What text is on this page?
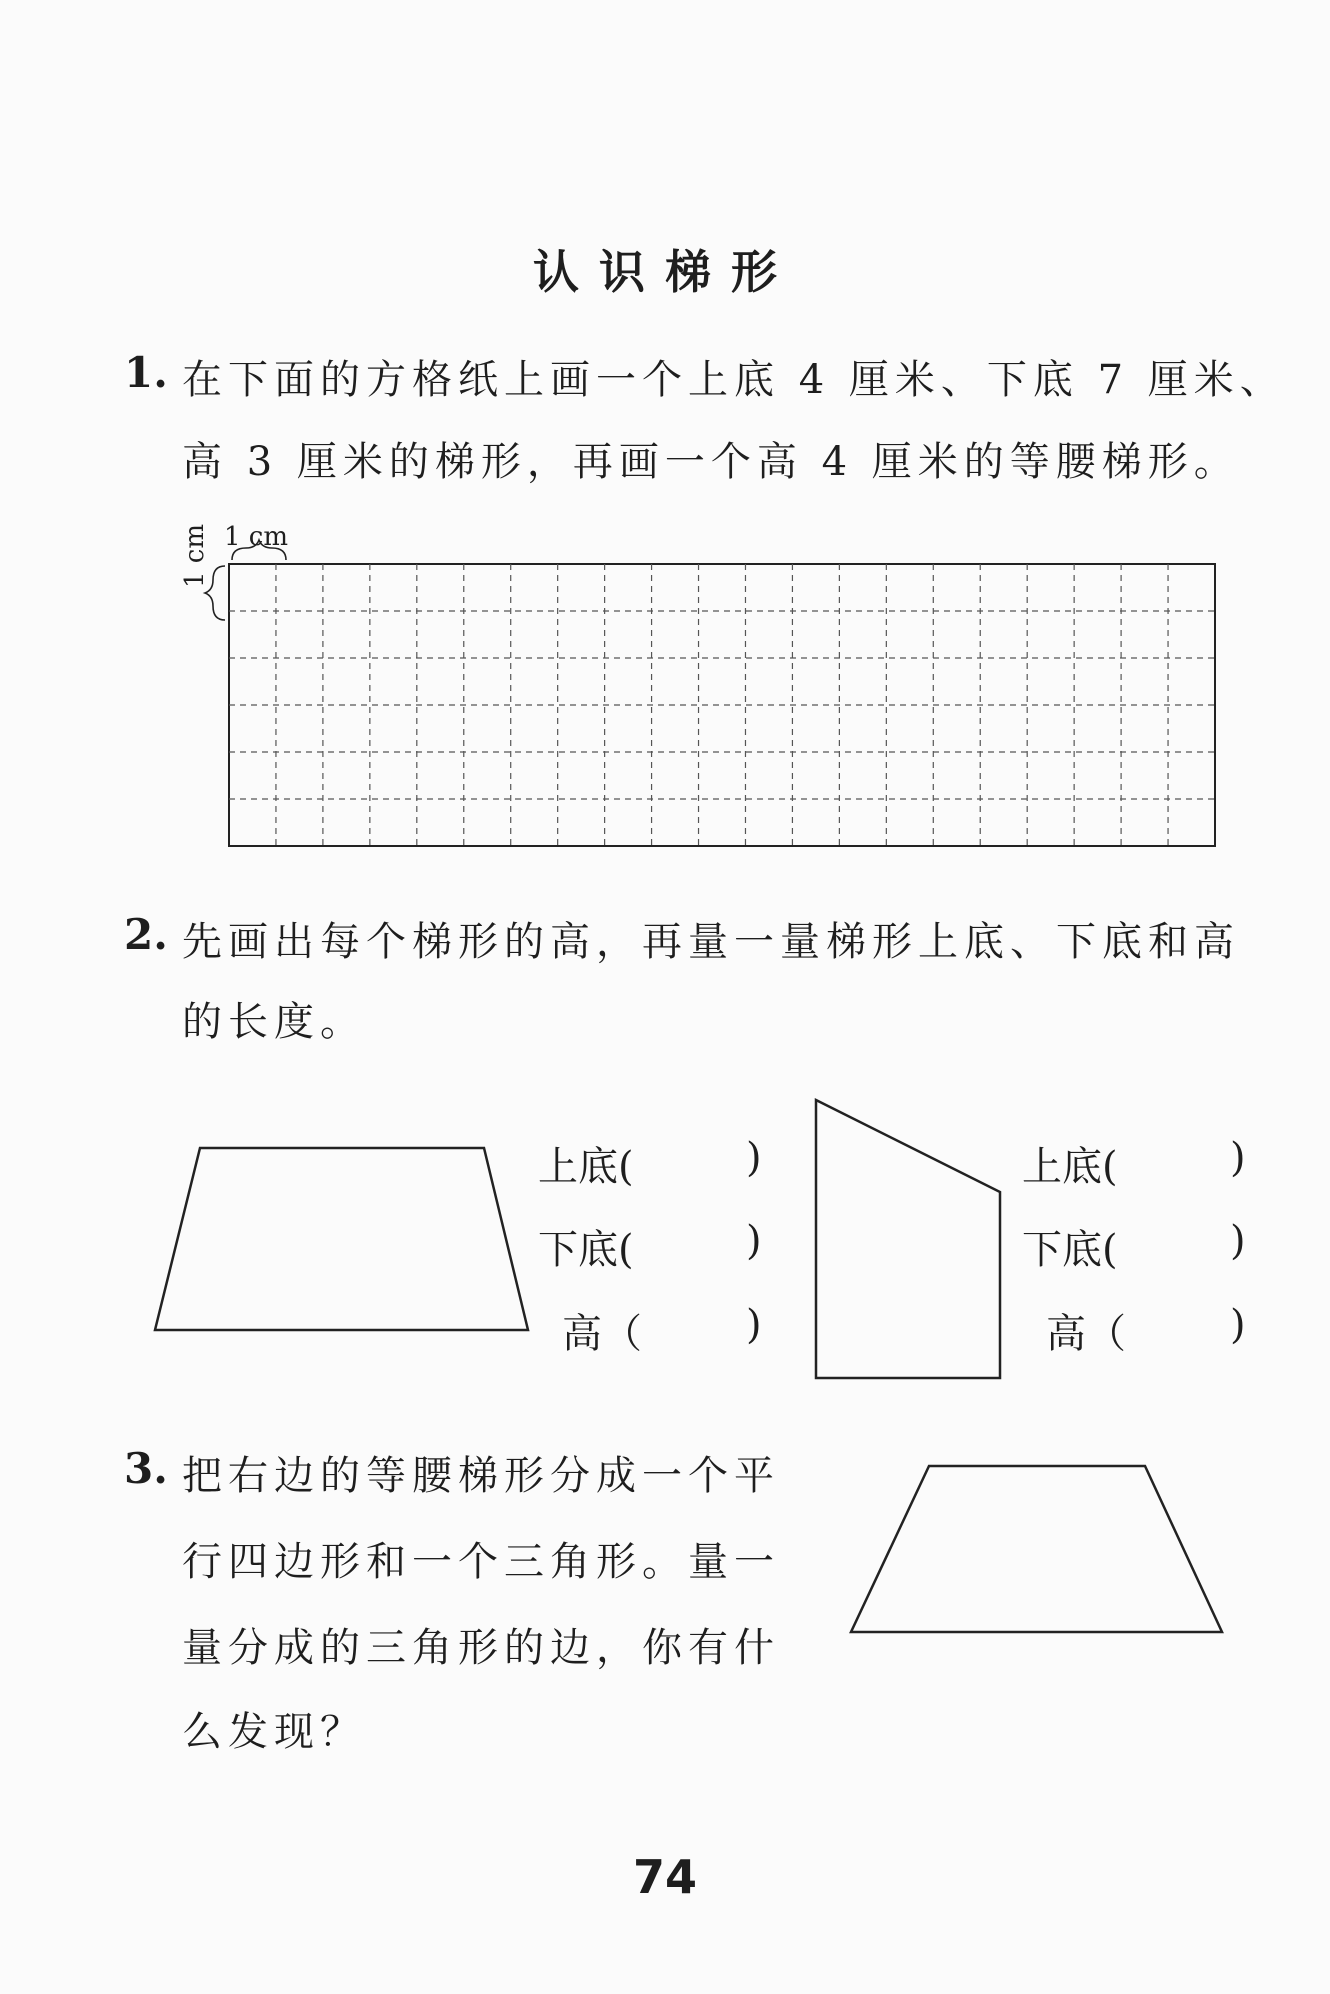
认识梯形
1. 在下面的方格纸上画一个上底 4 厘米、下底 7 厘米、
高 3 厘米的梯形，再画一个高 4 厘米的等腰梯形。
1 cm
1 cm
2. 先画出每个梯形的高，再量一量梯形上底、下底和高
的长度。
上底(	)
下底(	)
高（	)
上底(	)
下底(	)
高（	)
3. 把右边的等腰梯形分成一个平
行四边形和一个三角形。量一
量分成的三角形的边，你有什
么发现？
74
